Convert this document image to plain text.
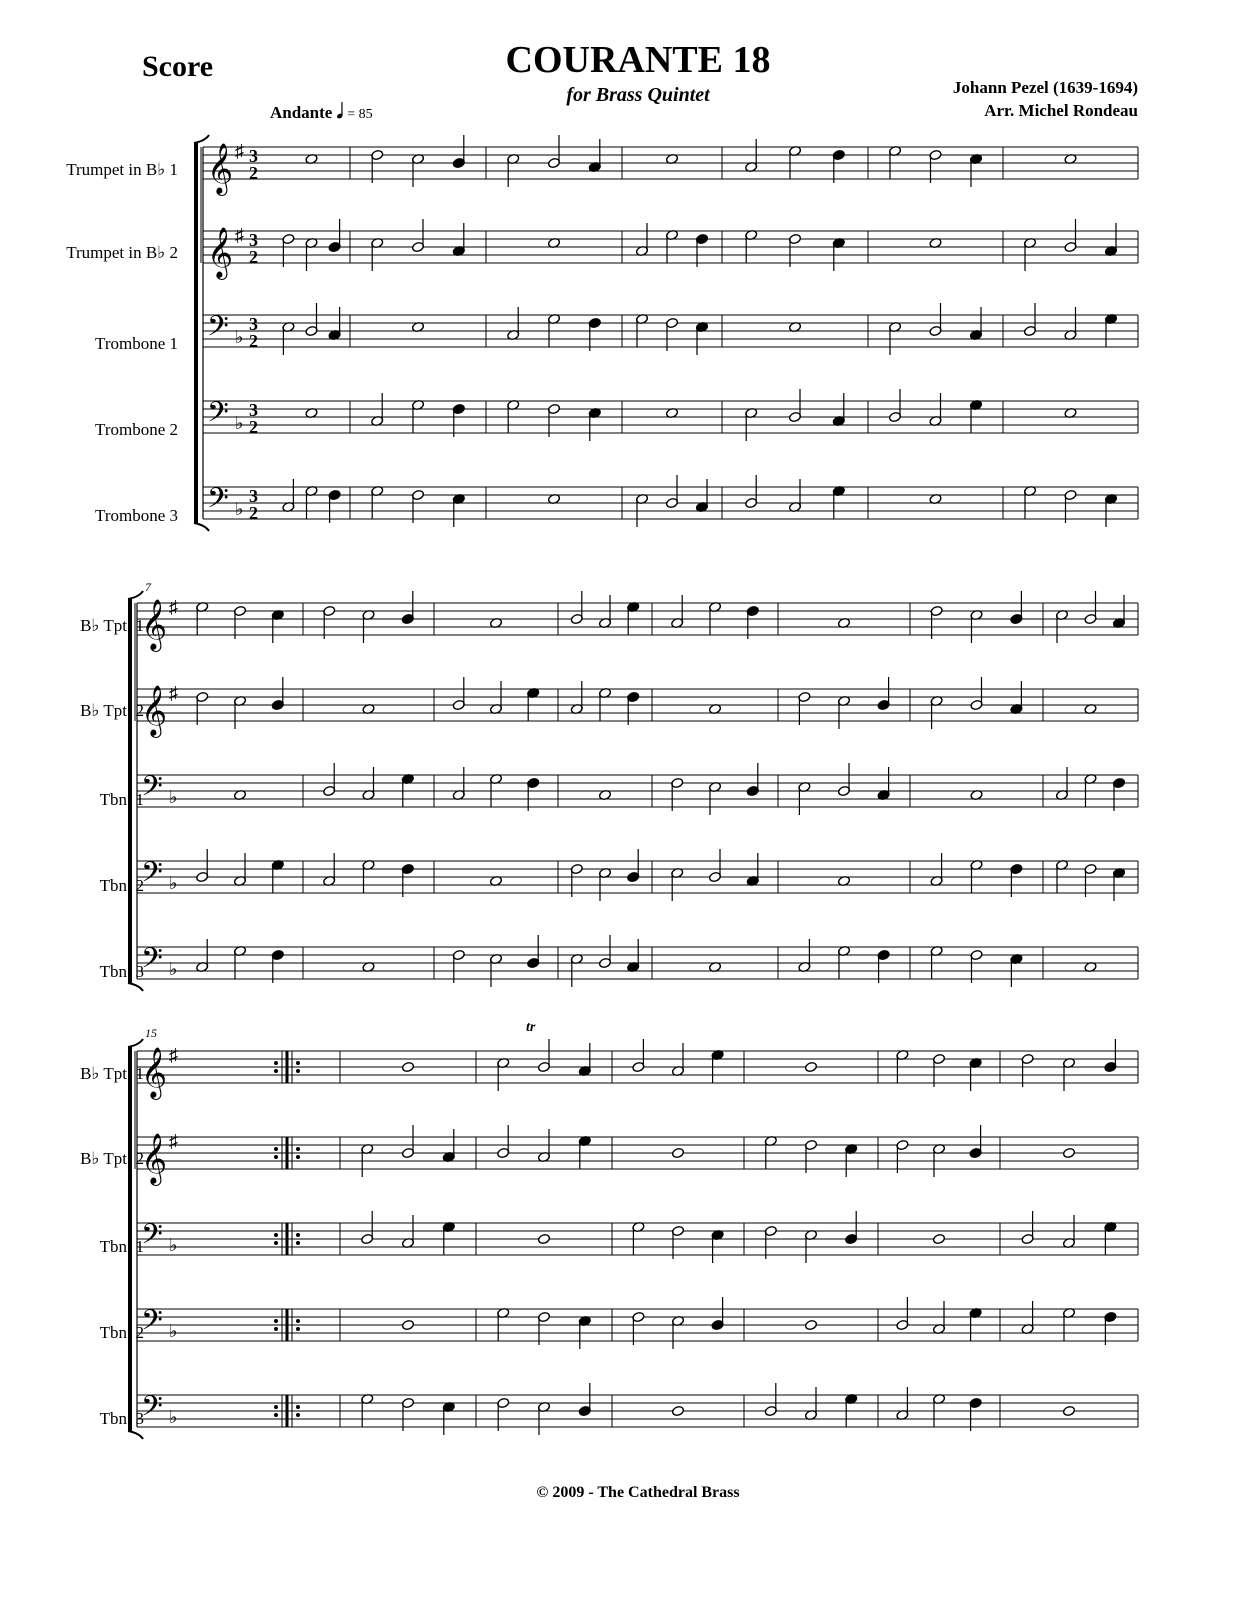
Score	COURANTE 18
for Brass Quintet	Johann Pezel (1639-1694)
Arr. Michel Rondeau
Andante 𝅘𝅥 = 85
Trumpet in B♭ 1
Trumpet in B♭ 2
Trombone 1
Trombone 2
Trombone 3
B♭ Tpt. 1
B♭ Tpt. 2
Tbn. 1
Tbn. 2
Tbn. 3
B♭ Tpt. 1
B♭ Tpt. 2
Tbn. 1
Tbn. 2
Tbn. 3
7
15	tr
𝄞 ♯ 3
2
𝄞 ♯ 3
2
𝄢 ♭
3
2
𝄢 ♭
3
2
𝄢 ♭
3
2
𝄞 ♯
𝄞 ♯
𝄢 ♭
𝄢 ♭
𝄢 ♭
𝄞 ♯
𝄞 ♯
𝄢 ♭
𝄢 ♭
𝄢 ♭
© 2009 - The Cathedral Brass
